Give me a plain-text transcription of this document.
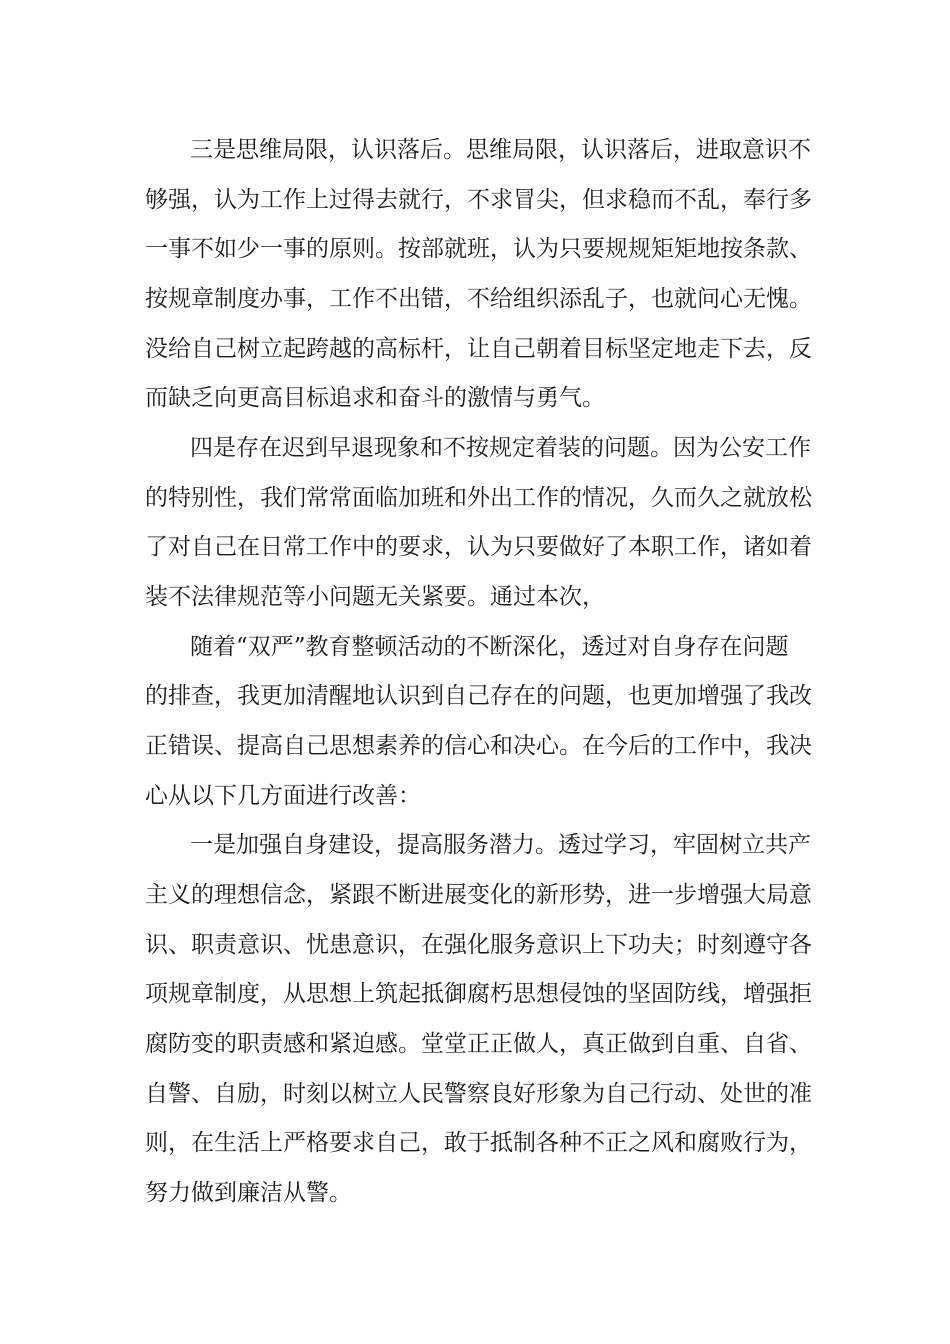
三是思维局限，认识落后。思维局限，认识落后，进取意识不
够强，认为工作上过得去就行，不求冒尖，但求稳而不乱，奉行多
一事不如少一事的原则。按部就班，认为只要规规矩矩地按条款、
按规章制度办事，工作不出错，不给组织添乱子，也就问心无愧。
没给自己树立起跨越的高标杆，让自己朝着目标坚定地走下去，反
而缺乏向更高目标追求和奋斗的激情与勇气。
四是存在迟到早退现象和不按规定着装的问题。因为公安工作
的特别性，我们常常面临加班和外出工作的情况，久而久之就放松
了对自己在日常工作中的要求，认为只要做好了本职工作，诸如着
装不法律规范等小问题无关紧要。通过本次，
随着“双严”教育整顿活动的不断深化，透过对自身存在问题
的排查，我更加清醒地认识到自己存在的问题，也更加增强了我改
正错误、提高自己思想素养的信心和决心。在今后的工作中，我决
心从以下几方面进行改善：
一是加强自身建设，提高服务潜力。透过学习，牢固树立共产
主义的理想信念，紧跟不断进展变化的新形势，进一步增强大局意
识、职责意识、忧患意识，在强化服务意识上下功夫；时刻遵守各
项规章制度，从思想上筑起抵御腐朽思想侵蚀的坚固防线，增强拒
腐防变的职责感和紧迫感。堂堂正正做人，真正做到自重、自省、
自警、自励，时刻以树立人民警察良好形象为自己行动、处世的准
则，在生活上严格要求自己，敢于抵制各种不正之风和腐败行为，
努力做到廉洁从警。
